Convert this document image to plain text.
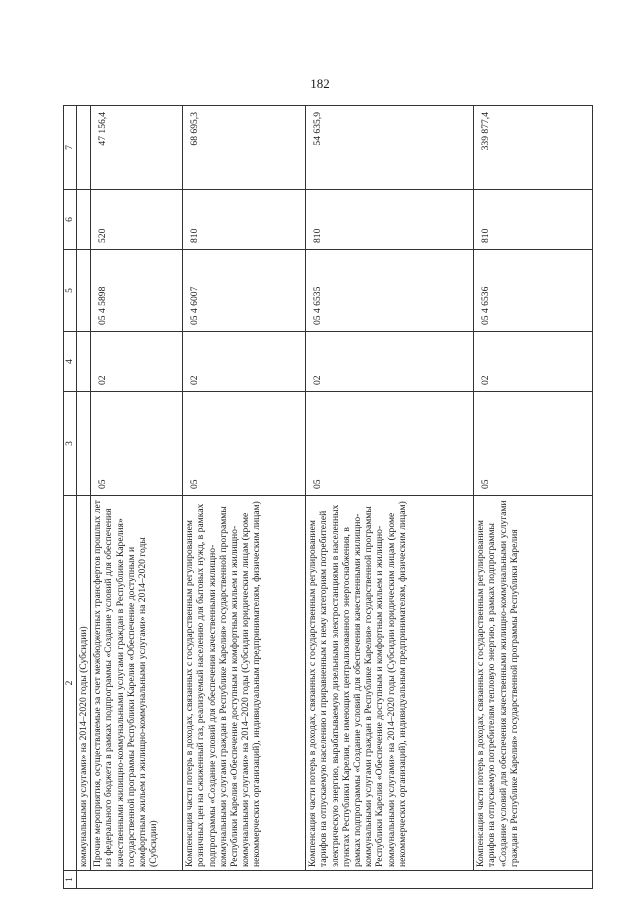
182
1	2	3	4	5	6	7
	коммунальными услугами» на 2014–2020 годы (Субсидии)					
	Прочие мероприятия, осуществляемые за счет межбюджетных трансфертов прошлых лет из федерального бюджета в рамках подпрограммы «Создание условий для обеспечения качественными жилищно-коммунальными услугами граждан в Республике Карелия» государственной программы Республики Карелия «Обеспечение доступным и комфортным жильем и жилищно-коммунальными услугами» на 2014–2020 годы (Субсидии)	05	02	05 4 5898	520	47 156,4
	Компенсация части потерь в доходах, связанных с государственным регулированием розничных цен на сжиженный газ, реализуемый населению для бытовых нужд, в рамках подпрограммы «Создание условий для обеспечения качественными жилищно-коммунальными услугами граждан в Республике Карелия» государственной программы Республики Карелия «Обеспечение доступным и комфортным жильем и жилищно-коммунальными услугами» на 2014–2020 годы (Субсидии юридическим лицам (кроме некоммерческих организаций), индивидуальным предпринимателям, физическим лицам)	05	02	05 4 6007	810	68 695,3
	Компенсация части потерь в доходах, связанных с государственным регулированием тарифов на отпускаемую населению и приравненным к нему категориям потребителей электрическую энергию, вырабатываемую дизельными электростанциями в населенных пунктах Республики Карелия, не имеющих централизованного энергоснабжения, в рамках подпрограммы «Создание условий для обеспечения качественными жилищно-коммунальными услугами граждан в Республике Карелия» государственной программы Республики Карелия «Обеспечение доступным и комфортным жильем и жилищно-коммунальными услугами» на 2014–2020 годы (Субсидии юридическим лицам (кроме некоммерческих организаций), индивидуальным предпринимателям, физическим лицам)	05	02	05 4 6535	810	54 635,9
	Компенсация части потерь в доходах, связанных с государственным регулированием тарифов на отпускаемую потребителям тепловую энергию, в рамках подпрограммы «Создание условий для обеспечения качественными жилищно-коммунальными услугами граждан в Республике Карелия» государственной программы Республики Карелия	05	02	05 4 6536	810	339 877,4
